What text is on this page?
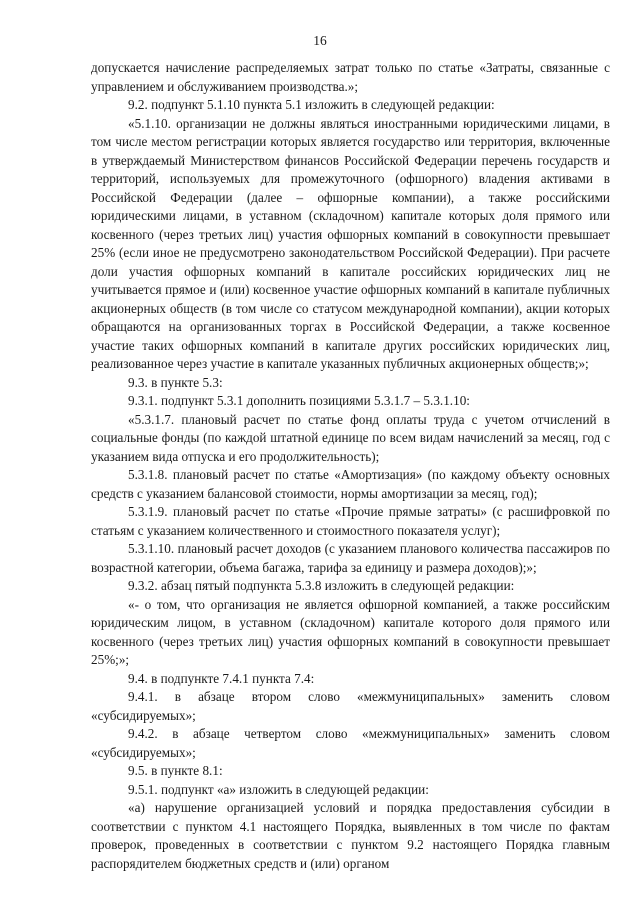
16

допускается начисление распределяемых затрат только по статье «Затраты, связанные с управлением и обслуживанием производства.»;

9.2. подпункт 5.1.10 пункта 5.1 изложить в следующей редакции:

«5.1.10. организации не должны являться иностранными юридическими лицами, в том числе местом регистрации которых является государство или территория, включенные в утверждаемый Министерством финансов Российской Федерации перечень государств и территорий, используемых для промежуточного (офшорного) владения активами в Российской Федерации (далее – офшорные компании), а также российскими юридическими лицами, в уставном (складочном) капитале которых доля прямого или косвенного (через третьих лиц) участия офшорных компаний в совокупности превышает 25% (если иное не предусмотрено законодательством Российской Федерации). При расчете доли участия офшорных компаний в капитале российских юридических лиц не учитывается прямое и (или) косвенное участие офшорных компаний в капитале публичных акционерных обществ (в том числе со статусом международной компании), акции которых обращаются на организованных торгах в Российской Федерации, а также косвенное участие таких офшорных компаний в капитале других российских юридических лиц, реализованное через участие в капитале указанных публичных акционерных обществ;»;

9.3. в пункте 5.3:

9.3.1. подпункт 5.3.1 дополнить позициями 5.3.1.7 – 5.3.1.10:

«5.3.1.7. плановый расчет по статье фонд оплаты труда с учетом отчислений в социальные фонды (по каждой штатной единице по всем видам начислений за месяц, год с указанием вида отпуска и его продолжительность);

5.3.1.8. плановый расчет по статье «Амортизация» (по каждому объекту основных средств с указанием балансовой стоимости, нормы амортизации за месяц, год);

5.3.1.9. плановый расчет по статье «Прочие прямые затраты» (с расшифровкой по статьям с указанием количественного и стоимостного показателя услуг);

5.3.1.10. плановый расчет доходов (с указанием планового количества пассажиров по возрастной категории, объема багажа, тарифа за единицу и размера доходов);»;

9.3.2. абзац пятый подпункта 5.3.8 изложить в следующей редакции:

«- о том, что организация не является офшорной компанией, а также российским юридическим лицом, в уставном (складочном) капитале которого доля прямого или косвенного (через третьих лиц) участия офшорных компаний в совокупности превышает 25%;»;

9.4. в подпункте 7.4.1 пункта 7.4:

9.4.1. в абзаце втором слово «межмуниципальных» заменить словом «субсидируемых»;

9.4.2. в абзаце четвертом слово «межмуниципальных» заменить словом «субсидируемых»;

9.5. в пункте 8.1:

9.5.1. подпункт «а» изложить в следующей редакции:

«а) нарушение организацией условий и порядка предоставления субсидии в соответствии с пунктом 4.1 настоящего Порядка, выявленных в том числе по фактам проверок, проведенных в соответствии с пунктом 9.2 настоящего Порядка главным распорядителем бюджетных средств и (или) органом
